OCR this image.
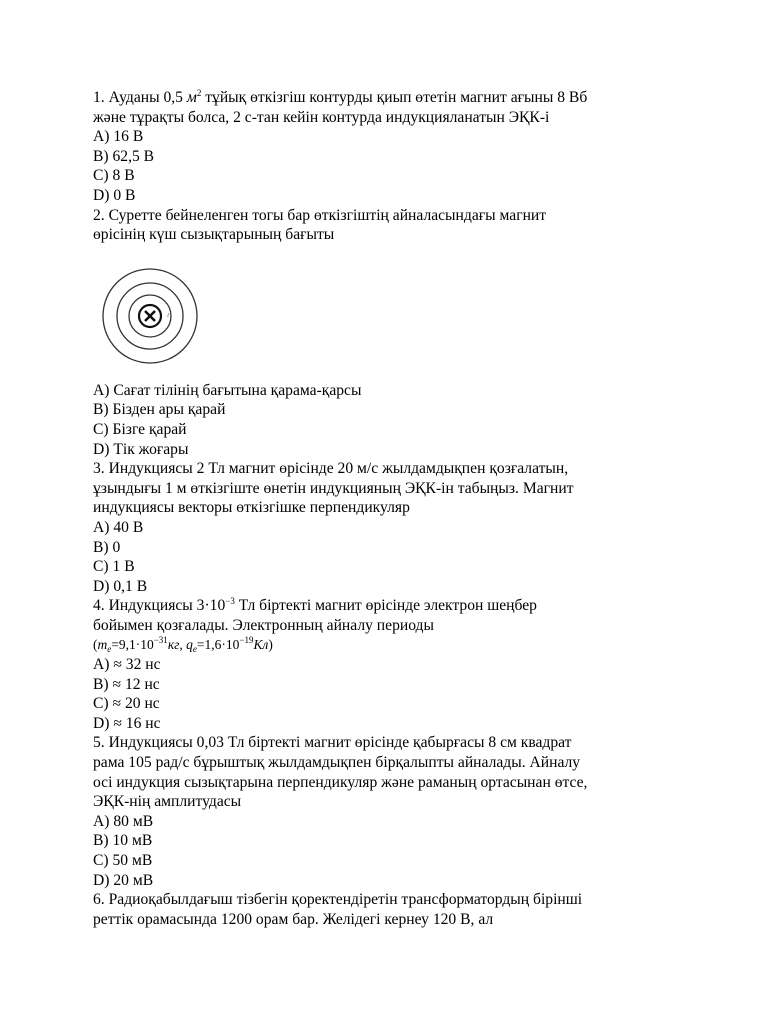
1. Ауданы 0,5 $м^2$ тұйық өткізгіш контурды қиып өтетін магнит ағыны 8 Вб
және тұрақты болса, 2 с-тан кейін контурда индукцияланатын ЭҚК-і
A) 16 В
B) 62,5 В
C) 8 В
D) 0 В
2. Суретте бейнеленген тогы бар өткізгіштің айналасындағы магнит
өрісінің күш сызықтарының бағыты
I
A) Сағат тілінің бағытына қарама-қарсы
B) Бізден ары қарай
C) Бізге қарай
D) Тік жоғары
3. Индукциясы 2 Тл магнит өрісінде 20 м/с жылдамдықпен қозғалатын,
ұзындығы 1 м өткізгіште өнетін индукцияның ЭҚК-ін табыңыз. Магнит
индукциясы векторы өткізгішке перпендикуляр
A) 40 В
B) 0
C) 1 В
D) 0,1 В
4. Индукциясы $3\cdot 10^{-3}$ Тл біртекті магнит өрісінде электрон шеңбер
бойымен қозғалады. Электронның айналу периоды
($m_e=9,1\cdot 10^{-31}кг$, $q_e=1,6\cdot 10^{-19}Кл$)
A) ≈ 32 нс
B) ≈ 12 нс
C) ≈ 20 нс
D) ≈ 16 нс
5. Индукциясы 0,03 Тл біртекті магнит өрісінде қабырғасы 8 см квадрат
рама 105 рад/с бұрыштық жылдамдықпен бірқалыпты айналады. Айналу
осі индукция сызықтарына перпендикуляр және раманың ортасынан өтсе,
ЭҚК-нің амплитудасы
A) 80 мВ
B) 10 мВ
C) 50 мВ
D) 20 мВ
6. Радиоқабылдағыш тізбегін қоректендіретін трансформатордың бірінші
реттік орамасында 1200 орам бар. Желідегі кернеу 120 В, ал
